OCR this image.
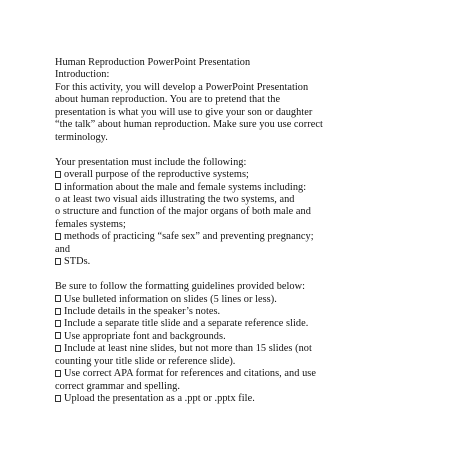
Human Reproduction PowerPoint Presentation
Introduction:
For this activity, you will develop a PowerPoint Presentation
about human reproduction. You are to pretend that the
presentation is what you will use to give your son or daughter
“the talk” about human reproduction. Make sure you use correct
terminology.
Your presentation must include the following:
overall purpose of the reproductive systems;
information about the male and female systems including:
o at least two visual aids illustrating the two systems, and
o structure and function of the major organs of both male and
females systems;
methods of practicing “safe sex” and preventing pregnancy;
and
STDs.
Be sure to follow the formatting guidelines provided below:
Use bulleted information on slides (5 lines or less).
Include details in the speaker’s notes.
Include a separate title slide and a separate reference slide.
Use appropriate font and backgrounds.
Include at least nine slides, but not more than 15 slides (not
counting your title slide or reference slide).
Use correct APA format for references and citations, and use
correct grammar and spelling.
Upload the presentation as a .ppt or .pptx file.
